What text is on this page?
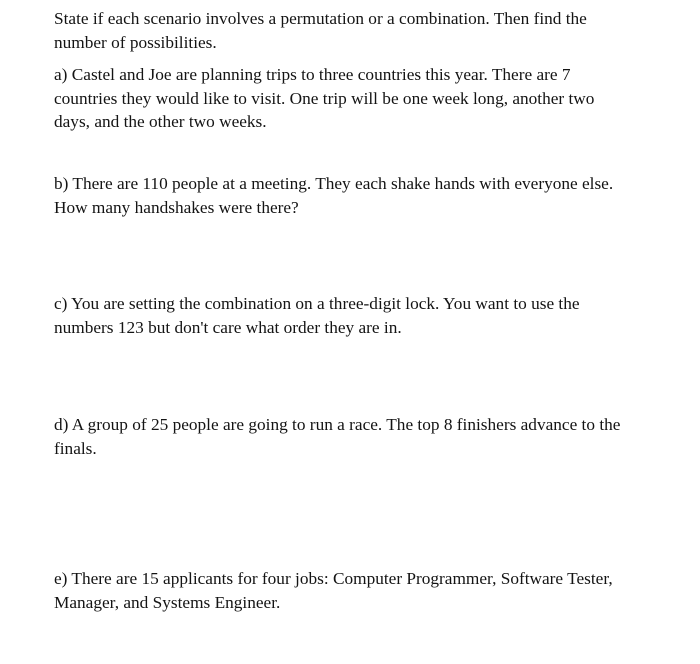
State if each scenario involves a permutation or a combination. Then find the
number of possibilities.

a) Castel and Joe are planning trips to three countries this year. There are 7
countries they would like to visit. One trip will be one week long, another two
days, and the other two weeks.

b) There are 110 people at a meeting. They each shake hands with everyone else.
How many handshakes were there?

c) You are setting the combination on a three-digit lock. You want to use the
numbers 123 but don't care what order they are in.

d) A group of 25 people are going to run a race. The top 8 finishers advance to the
finals.

e) There are 15 applicants for four jobs: Computer Programmer, Software Tester,
Manager, and Systems Engineer.
